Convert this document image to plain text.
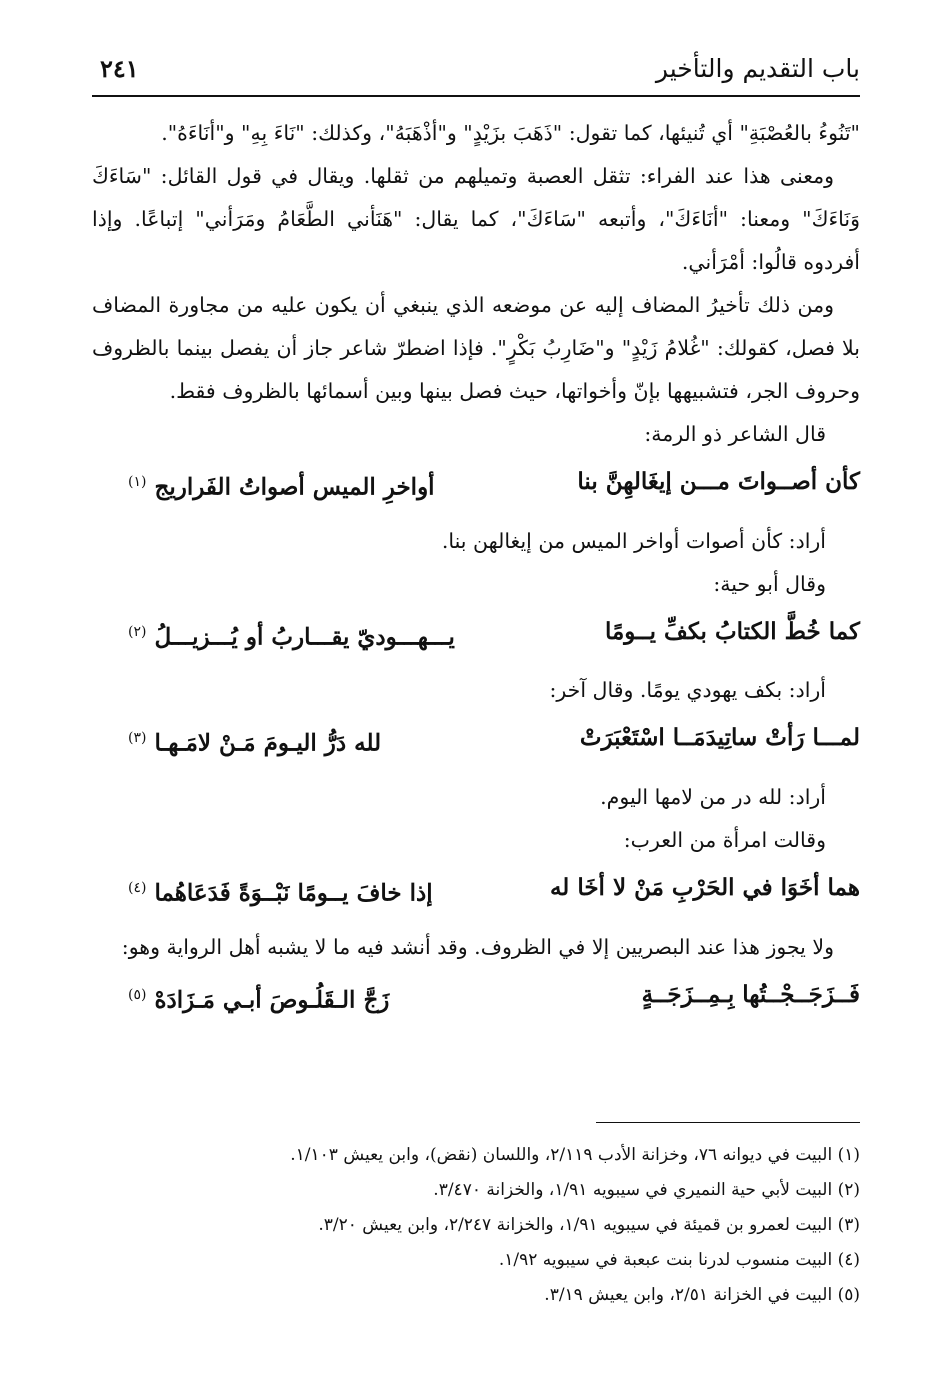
باب التقديم والتأخير
٢٤١

"تَنُوءُ بالعُصْبَةِ" أي تُنيئها، كما تقول: "ذَهَبَ بزَيْدٍ" و"أذْهَبَهُ"، وكذلك: "نَاءَ بِهِ" و"أنَاءَهُ".

ومعنى هذا عند الفراء: تثقل العصبة وتميلهم من ثقلها. ويقال في قول القائل: "سَاءَكَ وَنَاءَكَ" ومعنا: "أنَاءَكَ"، وأتبعه "سَاءَكَ"، كما يقال: "هَنَأني الطَّعَامُ ومَرَأني" إتباعًا. وإذا أفردوه قالُوا: أمْرَأني.

ومن ذلك تأخيرُ المضاف إليه عن موضعه الذي ينبغي أن يكون عليه من مجاورة المضاف بلا فصل، كقولك: "غُلامُ زَيْدٍ" و"ضَارِبُ بَكْرٍ". فإذا اضطرّ شاعر جاز أن يفصل بينما بالظروف وحروف الجر، فتشبيهها بإنّ وأخواتها، حيث فصل بينها وبين أسمائها بالظروف فقط.

قال الشاعر ذو الرمة:

كأن أصــواتَ مـــن إيغَالهِنَّ بنا
أواخرِ الميس أصواتُ الفَراريج $^{(١)}$

أراد: كأن أصوات أواخر الميس من إيغالهن بنا.

وقال أبو حية:

كما خُطَّ الكتابُ بكفِّ يــومًا
يـــهـــوديّ يقـــاربُ أو يُـــزيـــلُ $^{(٢)}$

أراد: بكف يهودي يومًا. وقال آخر:

لمـــا رَأتْ ساتِيدَمَــا اسْتَعْبَرَتْ
لله دَرُّ اليـومَ مَـنْ لامَـهـا $^{(٣)}$

أراد: لله در من لامها اليوم.

وقالت امرأة من العرب:

هما أخَوَا في الحَرْبِ مَنْ لا أخَا له
إذا خافَ يــومًا نَبْــوَةً فَدَعَاهُما $^{(٤)}$

ولا يجوز هذا عند البصريين إلا في الظروف. وقد أنشد فيه ما لا يشبه أهل الرواية وهو:

فَــزَجَــجْــتُها بِـمِــزَجَــةٍ
زَجَّ الـقَلُـوصَ أبـي مَـزَادَهْ $^{(٥)}$
(١) البيت في ديوانه ٧٦، وخزانة الأدب ٢/١١٩، واللسان (نقض)، وابن يعيش ١/١٠٣.
(٢) البيت لأبي حية النميري في سيبويه ١/٩١، والخزانة ٣/٤٧٠.
(٣) البيت لعمرو بن قميئة في سيبويه ١/٩١، والخزانة ٢/٢٤٧، وابن يعيش ٣/٢٠.
(٤) البيت منسوب لدرنا بنت عبعبة في سيبويه ١/٩٢.
(٥) البيت في الخزانة ٢/٥١، وابن يعيش ٣/١٩.
